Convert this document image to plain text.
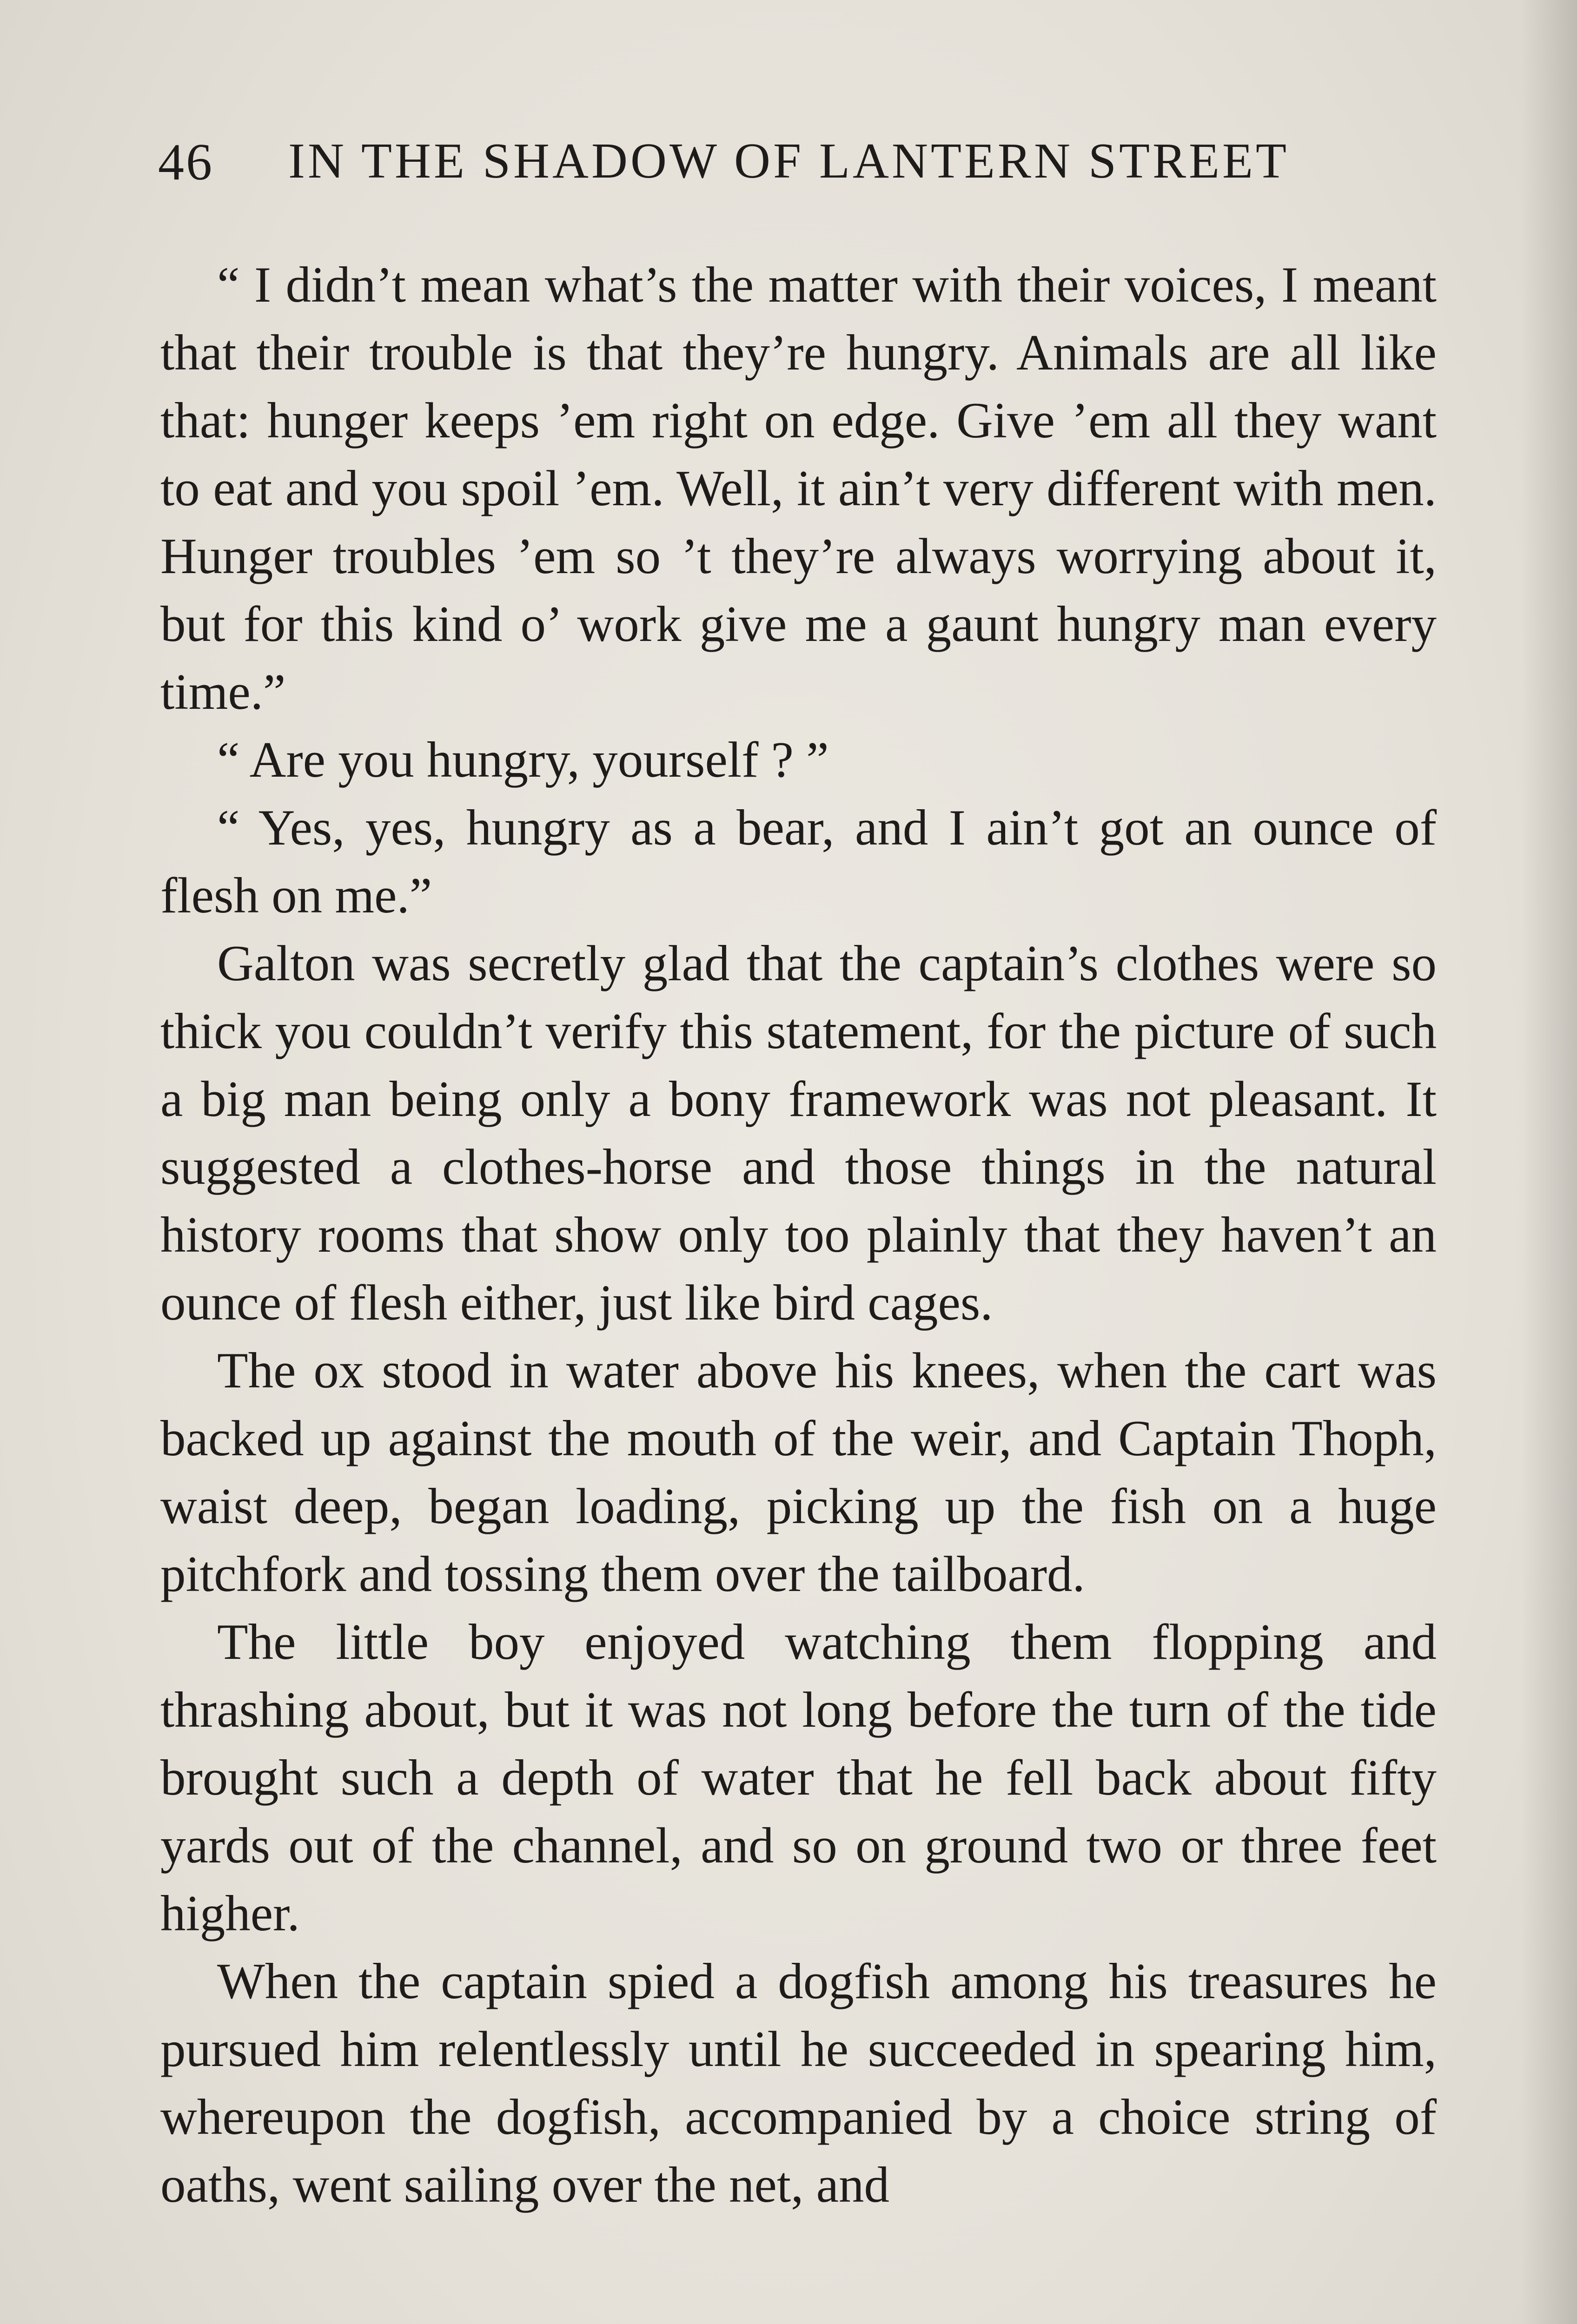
46 IN THE SHADOW OF LANTERN STREET

“ I didn’t mean what’s the matter with their voices, I meant that their trouble is that they’re hungry. Animals are all like that: hunger keeps ’em right on edge. Give ’em all they want to eat and you spoil ’em. Well, it ain’t very different with men. Hunger troubles ’em so ’t they’re always worrying about it, but for this kind o’ work give me a gaunt hungry man every time.”

“ Are you hungry, yourself ? ”

“ Yes, yes, hungry as a bear, and I ain’t got an ounce of flesh on me.”

Galton was secretly glad that the captain’s clothes were so thick you couldn’t verify this statement, for the picture of such a big man being only a bony framework was not pleasant. It suggested a clothes-horse and those things in the natural history rooms that show only too plainly that they haven’t an ounce of flesh either, just like bird cages.

The ox stood in water above his knees, when the cart was backed up against the mouth of the weir, and Captain Thoph, waist deep, began loading, picking up the fish on a huge pitchfork and tossing them over the tailboard.

The little boy enjoyed watching them flopping and thrashing about, but it was not long before the turn of the tide brought such a depth of water that he fell back about fifty yards out of the channel, and so on ground two or three feet higher.

When the captain spied a dogfish among his treasures he pursued him relentlessly until he succeeded in spearing him, whereupon the dogfish, accompanied by a choice string of oaths, went sailing over the net, and
